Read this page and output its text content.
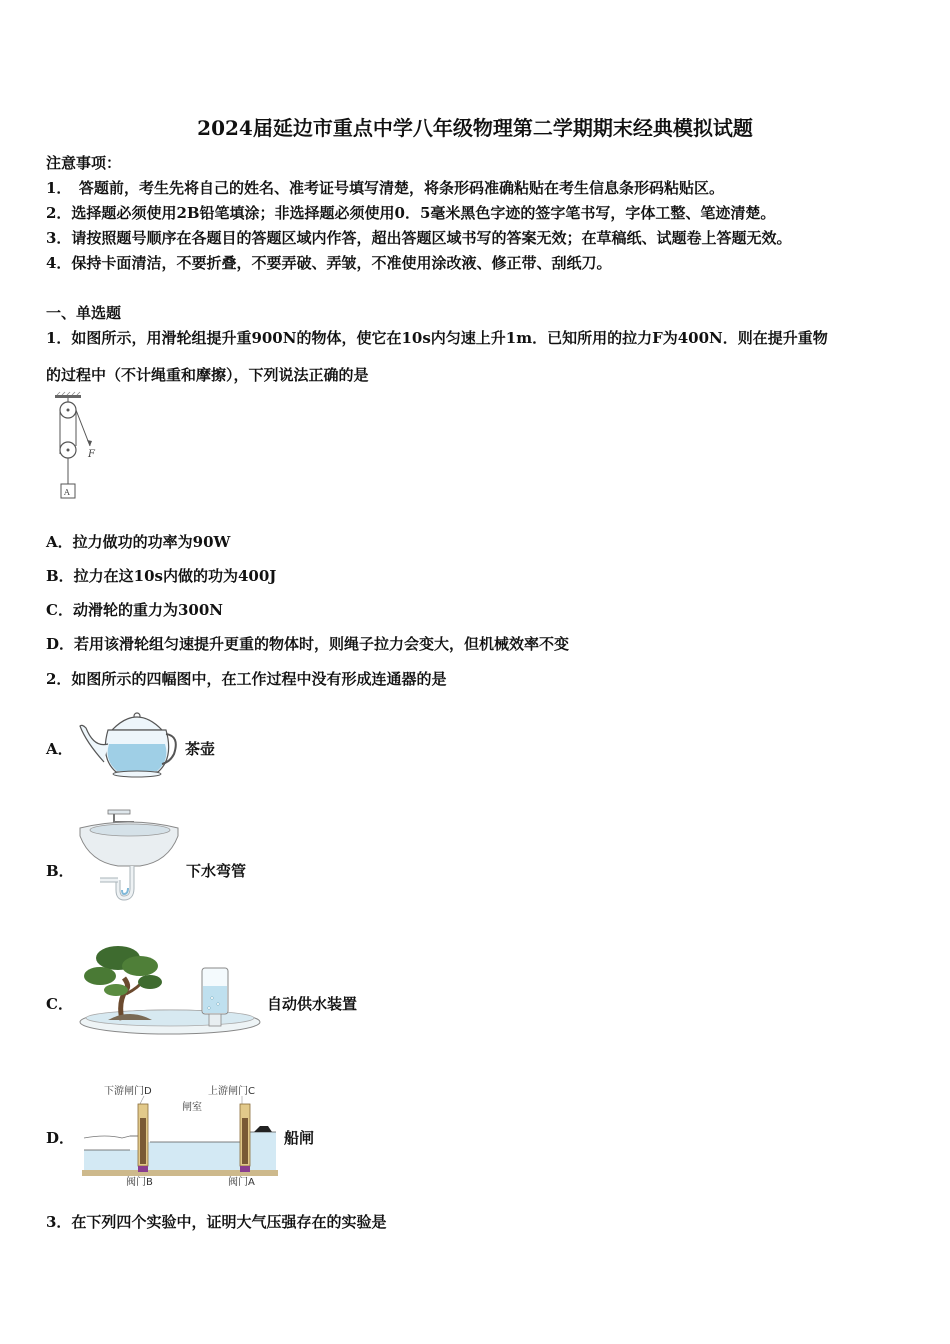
2024届延边市重点中学八年级物理第二学期期末经典模拟试题
注意事项：
1．　答题前，考生先将自己的姓名、准考证号填写清楚，将条形码准确粘贴在考生信息条形码粘贴区。
2．选择题必须使用2B铅笔填涂；非选择题必须使用0．5毫米黑色字迹的签字笔书写，字体工整、笔迹清楚。
3．请按照题号顺序在各题目的答题区域内作答，超出答题区域书写的答案无效；在草稿纸、试题卷上答题无效。
4．保持卡面清洁，不要折叠，不要弄破、弄皱，不准使用涂改液、修正带、刮纸刀。
一、单选题
1．如图所示，用滑轮组提升重900N的物体，使它在10s内匀速上升1m．已知所用的拉力F为400N．则在提升重物
的过程中（不计绳重和摩擦），下列说法正确的是
F
A
A．拉力做功的功率为90W
B．拉力在这10s内做的功为400J
C．动滑轮的重力为300N
D．若用该滑轮组匀速提升更重的物体时，则绳子拉力会变大，但机械效率不变
2．如图所示的四幅图中，在工作过程中没有形成连通器的是
A．	茶壶
B．	下水弯管
C．	自动供水装置
D．
下游闸门D	上游闸门C
闸室
阀门B	阀门A
船闸
3．在下列四个实验中，证明大气压强存在的实验是
